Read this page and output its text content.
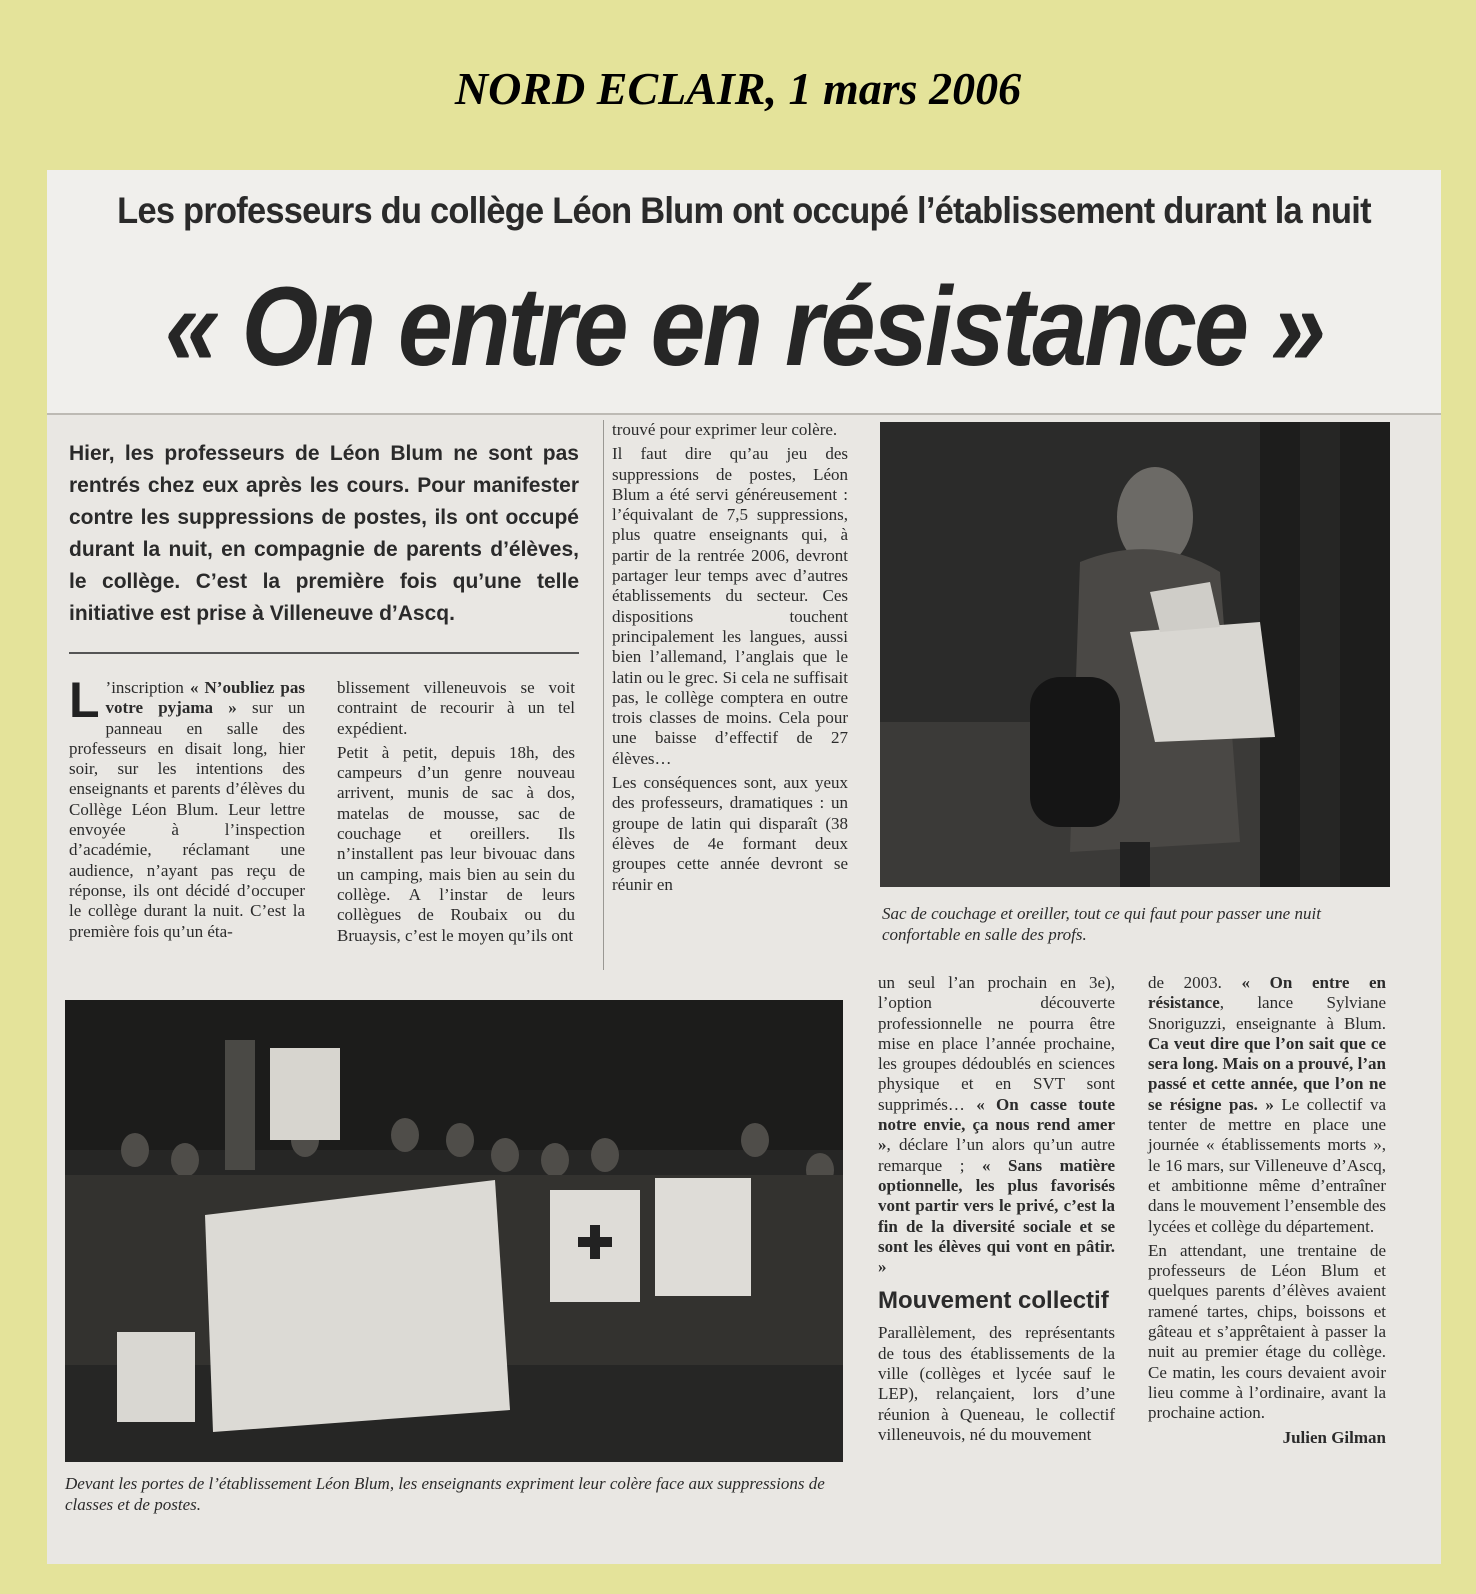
NORD ECLAIR, 1 mars 2006
Les professeurs du collège Léon Blum ont occupé l’établissement durant la nuit
« On entre en résistance »
Hier, les professeurs de Léon Blum ne sont pas rentrés chez eux après les cours. Pour manifester contre les suppressions de postes, ils ont occupé durant la nuit, en compagnie de parents d’élèves, le collège. C’est la première fois qu’une telle initiative est prise à Villeneuve d’Ascq.

L ’inscription « N’oubliez pas votre pyjama » sur un panneau en salle des professeurs en disait long, hier soir, sur les intentions des enseignants et parents d’élèves du Collège Léon Blum. Leur lettre envoyée à l’inspection d’académie, réclamant une audience, n’ayant pas reçu de réponse, ils ont décidé d’occuper le collège durant la nuit. C’est la première fois qu’un éta-

blissement villeneuvois se voit contraint de recourir à un tel expédient.

Petit à petit, depuis 18h, des campeurs d’un genre nouveau arrivent, munis de sac à dos, matelas de mousse, sac de couchage et oreillers. Ils n’installent pas leur bivouac dans un camping, mais bien au sein du collège. A l’instar de leurs collègues de Roubaix ou du Bruaysis, c’est le moyen qu’ils ont

trouvé pour exprimer leur colère.

Il faut dire qu’au jeu des suppressions de postes, Léon Blum a été servi généreusement : l’équivalant de 7,5 suppressions, plus quatre enseignants qui, à partir de la rentrée 2006, devront partager leur temps avec d’autres établissements du secteur. Ces dispositions touchent principalement les langues, aussi bien l’allemand, l’anglais que le latin ou le grec. Si cela ne suffisait pas, le collège comptera en outre trois classes de moins. Cela pour une baisse d’effectif de 27 élèves…

Les conséquences sont, aux yeux des professeurs, dramatiques : un groupe de latin qui disparaît (38 élèves de 4e formant deux groupes cette année devront se réunir en

Sac de couchage et oreiller, tout ce qui faut pour passer une nuit confortable en salle des profs.
Devant les portes de l’établissement Léon Blum, les enseignants expriment leur colère face aux suppressions de classes et de postes.

un seul l’an prochain en 3e), l’option découverte professionnelle ne pourra être mise en place l’année prochaine, les groupes dédoublés en sciences physique et en SVT sont supprimés… « On casse toute notre envie, ça nous rend amer », déclare l’un alors qu’un autre remarque ; « Sans matière optionnelle, les plus favorisés vont partir vers le privé, c’est la fin de la diversité sociale et se sont les élèves qui vont en pâtir. »

Mouvement collectif

Parallèlement, des représentants de tous des établissements de la ville (collèges et lycée sauf le LEP), relançaient, lors d’une réunion à Queneau, le collectif villeneuvois, né du mouvement

de 2003. « On entre en résistance, lance Sylviane Snoriguzzi, enseignante à Blum. Ca veut dire que l’on sait que ce sera long. Mais on a prouvé, l’an passé et cette année, que l’on ne se résigne pas. » Le collectif va tenter de mettre en place une journée « établissements morts », le 16 mars, sur Villeneuve d’Ascq, et ambitionne même d’entraîner dans le mouvement l’ensemble des lycées et collège du département.

En attendant, une trentaine de professeurs de Léon Blum et quelques parents d’élèves avaient ramené tartes, chips, boissons et gâteau et s’apprêtaient à passer la nuit au premier étage du collège. Ce matin, les cours devaient avoir lieu comme à l’ordinaire, avant la prochaine action.

Julien Gilman
